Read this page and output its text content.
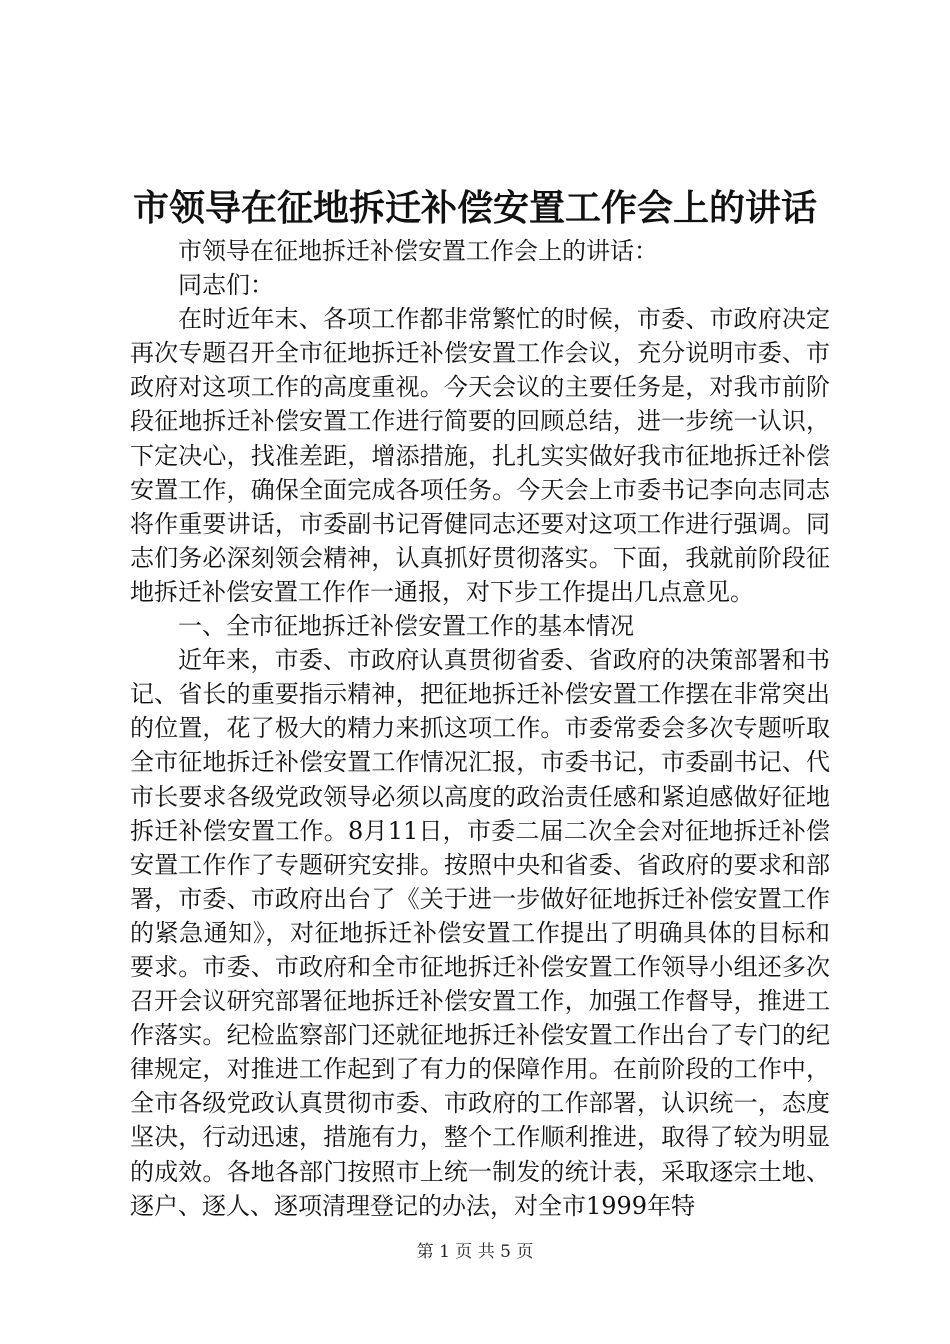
市领导在征地拆迁补偿安置工作会上的讲话

市领导在征地拆迁补偿安置工作会上的讲话：

同志们：

在时近年末、各项工作都非常繁忙的时候，市委、市政府决定再次专题召开全市征地拆迁补偿安置工作会议，充分说明市委、市政府对这项工作的高度重视。今天会议的主要任务是，对我市前阶段征地拆迁补偿安置工作进行简要的回顾总结，进一步统一认识，下定决心，找准差距，增添措施，扎扎实实做好我市征地拆迁补偿安置工作，确保全面完成各项任务。今天会上市委书记李向志同志将作重要讲话，市委副书记胥健同志还要对这项工作进行强调。同志们务必深刻领会精神，认真抓好贯彻落实。下面，我就前阶段征地拆迁补偿安置工作作一通报，对下步工作提出几点意见。

一、全市征地拆迁补偿安置工作的基本情况

近年来，市委、市政府认真贯彻省委、省政府的决策部署和书记、省长的重要指示精神，把征地拆迁补偿安置工作摆在非常突出的位置，花了极大的精力来抓这项工作。市委常委会多次专题听取全市征地拆迁补偿安置工作情况汇报，市委书记，市委副书记、代市长要求各级党政领导必须以高度的政治责任感和紧迫感做好征地拆迁补偿安置工作。8月11日，市委二届二次全会对征地拆迁补偿安置工作作了专题研究安排。按照中央和省委、省政府的要求和部署，市委、市政府出台了《关于进一步做好征地拆迁补偿安置工作的紧急通知》，对征地拆迁补偿安置工作提出了明确具体的目标和要求。市委、市政府和全市征地拆迁补偿安置工作领导小组还多次召开会议研究部署征地拆迁补偿安置工作，加强工作督导，推进工作落实。纪检监察部门还就征地拆迁补偿安置工作出台了专门的纪律规定，对推进工作起到了有力的保障作用。在前阶段的工作中，全市各级党政认真贯彻市委、市政府的工作部署，认识统一，态度坚决，行动迅速，措施有力，整个工作顺利推进，取得了较为明显的成效。各地各部门按照市上统一制发的统计表，采取逐宗土地、逐户、逐人、逐项清理登记的办法，对全市1999年特

第 1 页 共 5 页
